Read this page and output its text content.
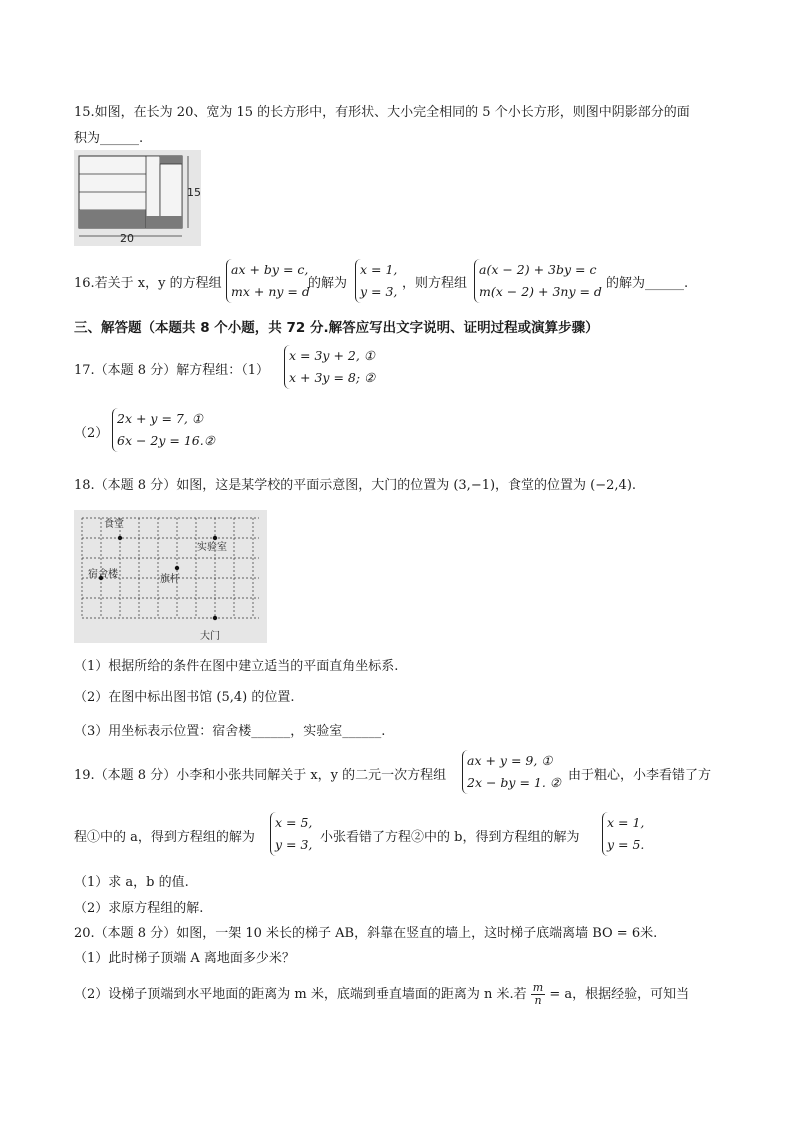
15.如图，在长为 20、宽为 15 的长方形中，有形状、大小完全相同的 5 个小长方形，则图中阴影部分的面
积为______.
20
15
16.若关于 x，y 的方程组
ax + by = c,
mx + ny = d
的解为
x = 1,
y = 3,
，则方程组
a(x − 2) + 3by = c
m(x − 2) + 3ny = d
的解为______.
三、解答题（本题共 8 个小题，共 72 分.解答应写出文字说明、证明过程或演算步骤）
17.（本题 8 分）解方程组：（1）
x = 3y + 2, ①
x + 3y = 8; ②
（2）
2x + y = 7, ①
6x − 2y = 16.②
18.（本题 8 分）如图，这是某学校的平面示意图，大门的位置为 (3,−1)，食堂的位置为 (−2,4).
食堂
实验室
宿舍楼	旗杆
大门
（1）根据所给的条件在图中建立适当的平面直角坐标系.
（2）在图中标出图书馆 (5,4) 的位置.
（3）用坐标表示位置：宿舍楼______，实验室______.
19.（本题 8 分）小李和小张共同解关于 x，y 的二元一次方程组
ax + y = 9, ①
2x − by = 1. ② 由于粗心，小李看错了方
程①中的 a，得到方程组的解为
x = 5,
y = 3, 小张看错了方程②中的 b，得到方程组的解为
x = 1,
y = 5.
（1）求 a，b 的值.
（2）求原方程组的解.
20.（本题 8 分）如图，一架 10 米长的梯子 AB，斜靠在竖直的墙上，这时梯子底端离墙 BO = 6米.
（1）此时梯子顶端 A 离地面多少米？
（2）设梯子顶端到水平地面的距离为 m 米，底端到垂直墙面的距离为 n 米.若 $\frac{m}{n} = a$，根据经验，可知当
